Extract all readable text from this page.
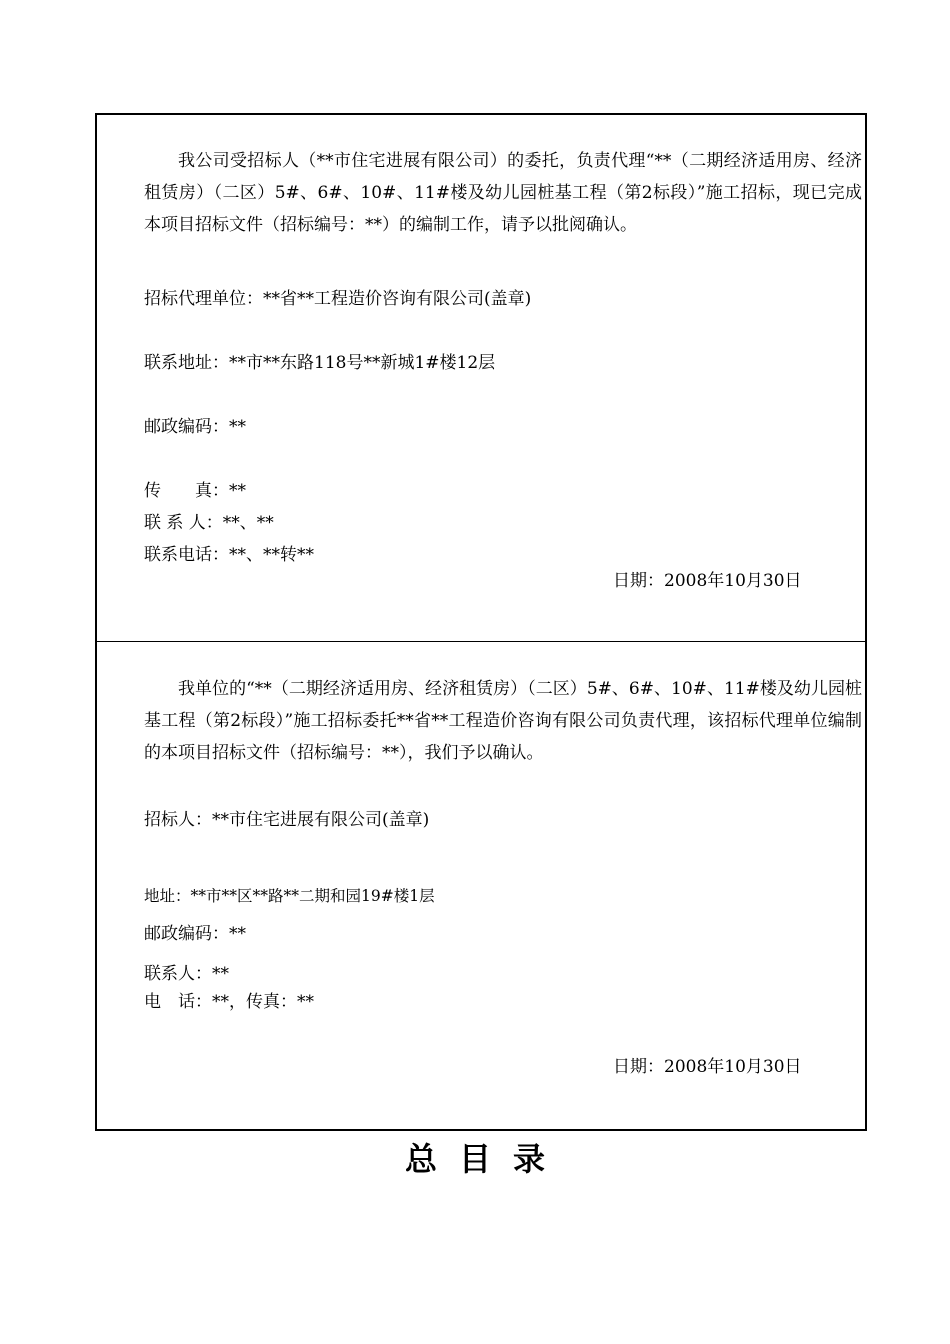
我公司受招标人（**市住宅进展有限公司）的委托，负责代理“**（二期经济适用房、经济租赁房）（二区）5#、6#、10#、11#楼及幼儿园桩基工程（第2标段）”施工招标，现已完成本项目招标文件（招标编号：**）的编制工作，请予以批阅确认。

招标代理单位：**省**工程造价咨询有限公司(盖章)
联系地址：**市**东路118号**新城1#楼12层
邮政编码：**
传　　真：**
联 系 人：**、**
联系电话：**、**转**
日期：2008年10月30日

我单位的“**（二期经济适用房、经济租赁房）（二区）5#、6#、10#、11#楼及幼儿园桩基工程（第2标段）”施工招标委托**省**工程造价咨询有限公司负责代理，该招标代理单位编制的本项目招标文件（招标编号：**），我们予以确认。

招标人：**市住宅进展有限公司(盖章)
地址：**市**区**路**二期和园19#楼1层
邮政编码：**
联系人：**
电　话：**，传真：**
日期：2008年10月30日
总目录
